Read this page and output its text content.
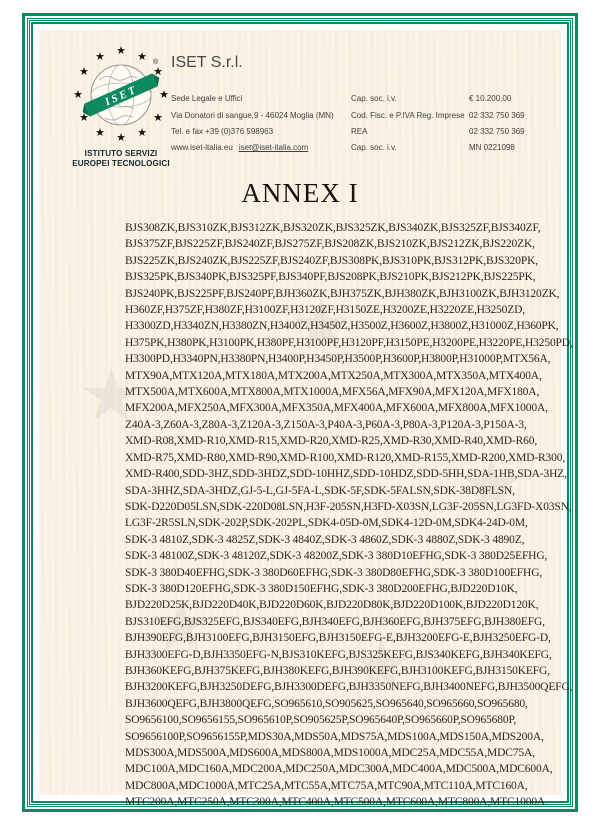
★
★
★
★ ★
ISET
®
★ ★
★
★
★
★
★
★
★
★
★
★
ISTITUTO SERVIZI
EUROPEI TECNOLOGICI
ISET S.r.l.
Sede Legale e Uffici
Via Donatori di sangue,9 - 46024 Moglia (MN)
Tel. e fax +39 (0)376 598963
www.iset-italia.eu iset@iset-italia.com
Cap. soc. i.v.
Cod. Fisc. e P.IVA Reg. Imprese
REA
Cap. soc. i.v.
€ 10.200,00
02 332 750 369
02 332 750 369
MN 0221098
ANNEX I
BJS308ZK,BJS310ZK,BJS312ZK,BJS320ZK,BJS325ZK,BJS340ZK,BJS325ZF,BJS340ZF,
BJS375ZF,BJS225ZF,BJS240ZF,BJS275ZF,BJS208ZK,BJS210ZK,BJS212ZK,BJS220ZK,
BJS225ZK,BJS240ZK,BJS225ZF,BJS240ZF,BJS308PK,BJS310PK,BJS312PK,BJS320PK,
BJS325PK,BJS340PK,BJS325PF,BJS340PF,BJS208PK,BJS210PK,BJS212PK,BJS225PK,
BJS240PK,BJS225PF,BJS240PF,BJH360ZK,BJH375ZK,BJH380ZK,BJH3100ZK,BJH3120ZK,
H360ZF,H375ZF,H380ZF,H3100ZF,H3120ZF,H3150ZE,H3200ZE,H3220ZE,H3250ZD,
H3300ZD,H3340ZN,H3380ZN,H3400Z,H3450Z,H3500Z,H3600Z,H3800Z,H31000Z,H360PK,
H375PK,H380PK,H3100PK,H380PF,H3100PF,H3120PF,H3150PE,H3200PE,H3220PE,H3250PD,
H3300PD,H3340PN,H3380PN,H3400P,H3450P,H3500P,H3600P,H3800P,H31000P,MTX56A,
MTX90A,MTX120A,MTX180A,MTX200A,MTX250A,MTX300A,MTX350A,MTX400A,
MTX500A,MTX600A,MTX800A,MTX1000A,MFX56A,MFX90A,MFX120A,MFX180A,
MFX200A,MFX250A,MFX300A,MFX350A,MFX400A,MFX600A,MFX800A,MFX1000A,
Z40A-3,Z60A-3,Z80A-3,Z120A-3,Z150A-3,P40A-3,P60A-3,P80A-3,P120A-3,P150A-3,
XMD-R08,XMD-R10,XMD-R15,XMD-R20,XMD-R25,XMD-R30,XMD-R40,XMD-R60,
XMD-R75,XMD-R80,XMD-R90,XMD-R100,XMD-R120,XMD-R155,XMD-R200,XMD-R300,
XMD-R400,SDD-3HZ,SDD-3HDZ,SDD-10HHZ,SDD-10HDZ,SDD-5HH,SDA-1HB,SDA-3HZ,
SDA-3HHZ,SDA-3HDZ,GJ-5-L,GJ-5FA-L,SDK-5F,SDK-5FALSN,SDK-38D8FLSN,
SDK-D220D05LSN,SDK-220D08LSN,H3F-205SN,H3FD-X03SN,LG3F-205SN,LG3FD-X03SN,
LG3F-2R5SLN,SDK-202P,SDK-202PL,SDK4-05D-0M,SDK4-12D-0M,SDK4-24D-0M,
SDK-3 4810Z,SDK-3 4825Z,SDK-3 4840Z,SDK-3 4860Z,SDK-3 4880Z,SDK-3 4890Z,
SDK-3 48100Z,SDK-3 48120Z,SDK-3 48200Z,SDK-3 380D10EFHG,SDK-3 380D25EFHG,
SDK-3 380D40EFHG,SDK-3 380D60EFHG,SDK-3 380D80EFHG,SDK-3 380D100EFHG,
SDK-3 380D120EFHG,SDK-3 380D150EFHG,SDK-3 380D200EFHG,BJD220D10K,
BJD220D25K,BJD220D40K,BJD220D60K,BJD220D80K,BJD220D100K,BJD220D120K,
BJS310EFG,BJS325EFG,BJS340EFG,BJH340EFG,BJH360EFG,BJH375EFG,BJH380EFG,
BJH390EFG,BJH3100EFG,BJH3150EFG,BJH3150EFG-E,BJH3200EFG-E,BJH3250EFG-D,
BJH3300EFG-D,BJH3350EFG-N,BJS310KEFG,BJS325KEFG,BJS340KEFG,BJH340KEFG,
BJH360KEFG,BJH375KEFG,BJH380KEFG,BJH390KEFG,BJH3100KEFG,BJH3150KEFG,
BJH3200KEFG,BJH3250DEFG,BJH3300DEFG,BJH3350NEFG,BJH3400NEFG,BJH3500QEFG,
BJH3600QEFG,BJH3800QEFG,SO965610,SO905625,SO965640,SO965660,SO965680,
SO9656100,SO9656155,SO965610P,SO905625P,SO965640P,SO965660P,SO965680P,
SO9656100P,SO9656155P,MDS30A,MDS50A,MDS75A,MDS100A,MDS150A,MDS200A,
MDS300A,MDS500A,MDS600A,MDS800A,MDS1000A,MDC25A,MDC55A,MDC75A,
MDC100A,MDC160A,MDC200A,MDC250A,MDC300A,MDC400A,MDC500A,MDC600A,
MDC800A,MDC1000A,MTC25A,MTC55A,MTC75A,MTC90A,MTC110A,MTC160A,
MTC200A,MTC250A,MTC300A,MTC400A,MTC500A,MTC600A,MTC800A,MTC1000A.
